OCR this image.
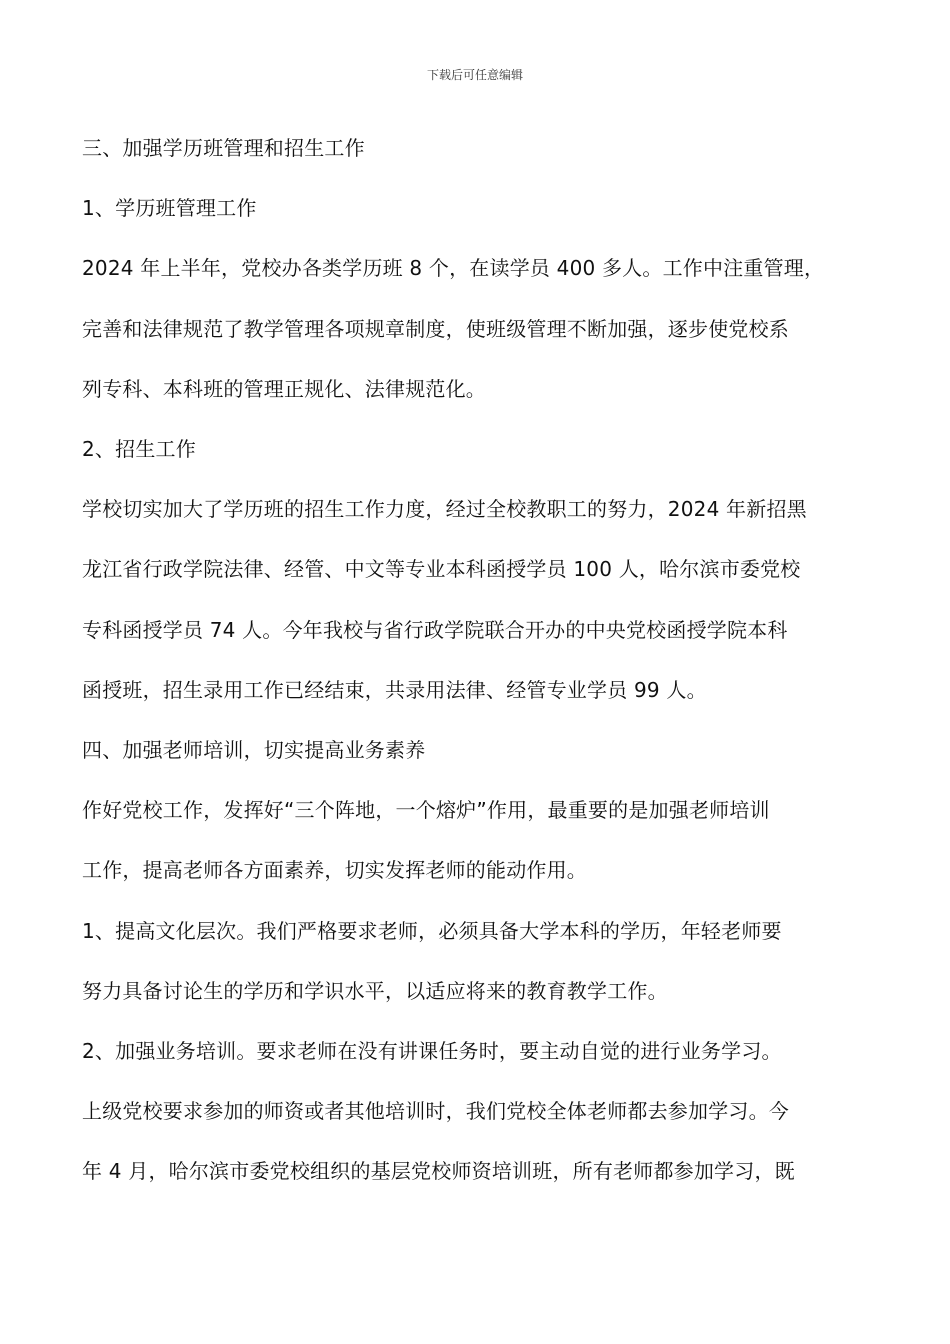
下载后可任意编辑

三、加强学历班管理和招生工作

1、学历班管理工作

2024 年上半年，党校办各类学历班 8 个，在读学员 400 多人。工作中注重管理，

完善和法律规范了教学管理各项规章制度，使班级管理不断加强，逐步使党校系

列专科、本科班的管理正规化、法律规范化。

2、招生工作

学校切实加大了学历班的招生工作力度，经过全校教职工的努力，2024 年新招黑

龙江省行政学院法律、经管、中文等专业本科函授学员 100 人，哈尔滨市委党校

专科函授学员 74 人。今年我校与省行政学院联合开办的中央党校函授学院本科

函授班，招生录用工作已经结束，共录用法律、经管专业学员 99 人。

四、加强老师培训，切实提高业务素养

作好党校工作，发挥好“三个阵地，一个熔炉”作用，最重要的是加强老师培训

工作，提高老师各方面素养，切实发挥老师的能动作用。

1、提高文化层次。我们严格要求老师，必须具备大学本科的学历，年轻老师要

努力具备讨论生的学历和学识水平，以适应将来的教育教学工作。

2、加强业务培训。要求老师在没有讲课任务时，要主动自觉的进行业务学习。

上级党校要求参加的师资或者其他培训时，我们党校全体老师都去参加学习。今

年 4 月，哈尔滨市委党校组织的基层党校师资培训班，所有老师都参加学习，既
